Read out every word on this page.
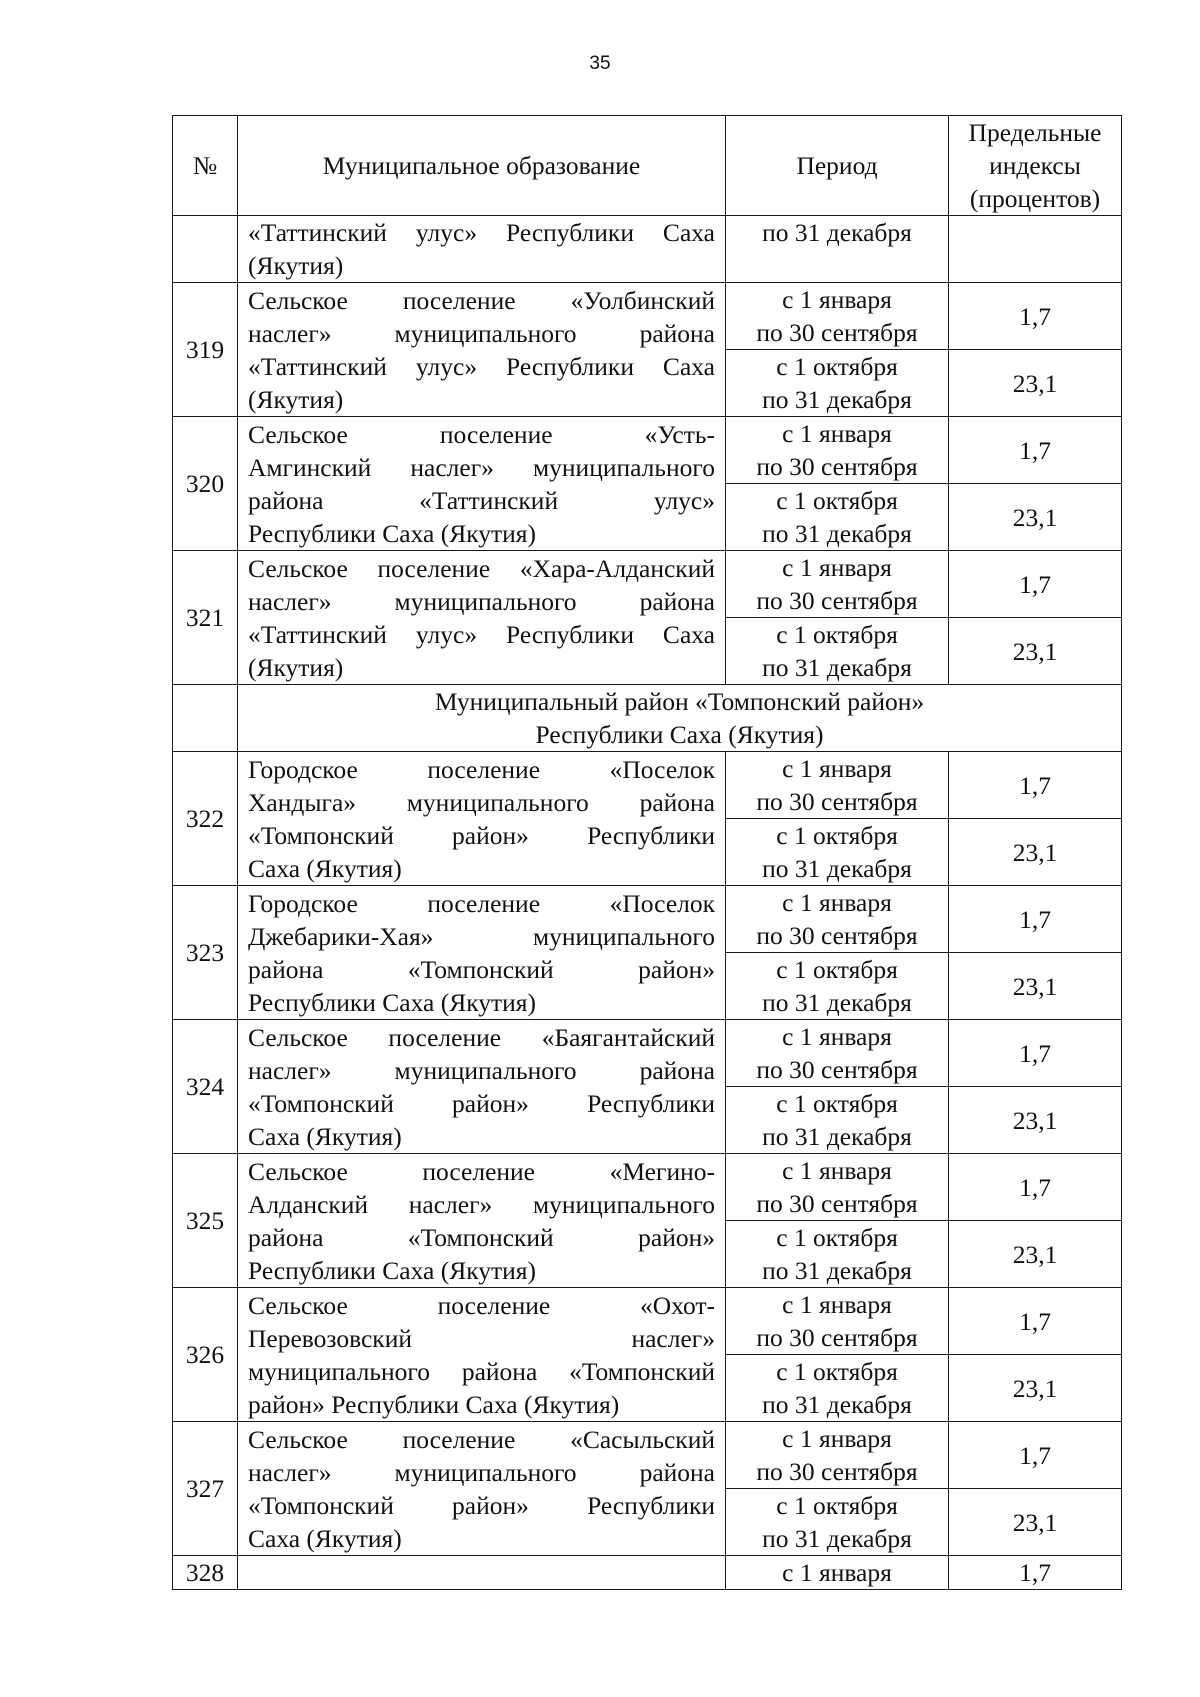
35
№	Муниципальное образование	Период	Предельные
индексы
(процентов)

	«Таттинский улус» Республики Саха
(Якутия)	по 31 декабря	

319	Сельское поселение «Уолбинский
наслег» муниципального района
«Таттинский улус» Республики Саха
(Якутия)	с 1 января
по 30 сентября	1,7

		с 1 октября
по 31 декабря	23,1
320	Сельское поселение «Усть-
Амгинский наслег» муниципального
района «Таттинский улус»
Республики Саха (Якутия)	с 1 января
по 30 сентября	1,7

		с 1 октября
по 31 декабря	23,1
321	Сельское поселение «Хара-Алданский
наслег» муниципального района
«Таттинский улус» Республики Саха
(Якутия)	с 1 января
по 30 сентября	1,7

		с 1 октября
по 31 декабря	23,1

	Муниципальный район «Томпонский район»
Республики Саха (Якутия)		

322	Городское поселение «Поселок
Хандыга» муниципального района
«Томпонский район» Республики
Саха (Якутия)	с 1 января
по 30 сентября	1,7

		с 1 октября
по 31 декабря	23,1
323	Городское поселение «Поселок
Джебарики-Хая» муниципального
района «Томпонский район»
Республики Саха (Якутия)	с 1 января
по 30 сентября	1,7

		с 1 октября
по 31 декабря	23,1
324	Сельское поселение «Баягантайский
наслег» муниципального района
«Томпонский район» Республики
Саха (Якутия)	с 1 января
по 30 сентября	1,7

		с 1 октября
по 31 декабря	23,1
325	Сельское поселение «Мегино-
Алданский наслег» муниципального
района «Томпонский район»
Республики Саха (Якутия)	с 1 января
по 30 сентября	1,7

		с 1 октября
по 31 декабря	23,1
326	Сельское поселение «Охот-
Перевозовский наслег»
муниципального района «Томпонский
район» Республики Саха (Якутия)	с 1 января
по 30 сентября	1,7

		с 1 октября
по 31 декабря	23,1
327	Сельское поселение «Сасыльский
наслег» муниципального района
«Томпонский район» Республики
Саха (Якутия)	с 1 января
по 30 сентября	1,7

		с 1 октября
по 31 декабря	23,1
328		с 1 января	1,7
